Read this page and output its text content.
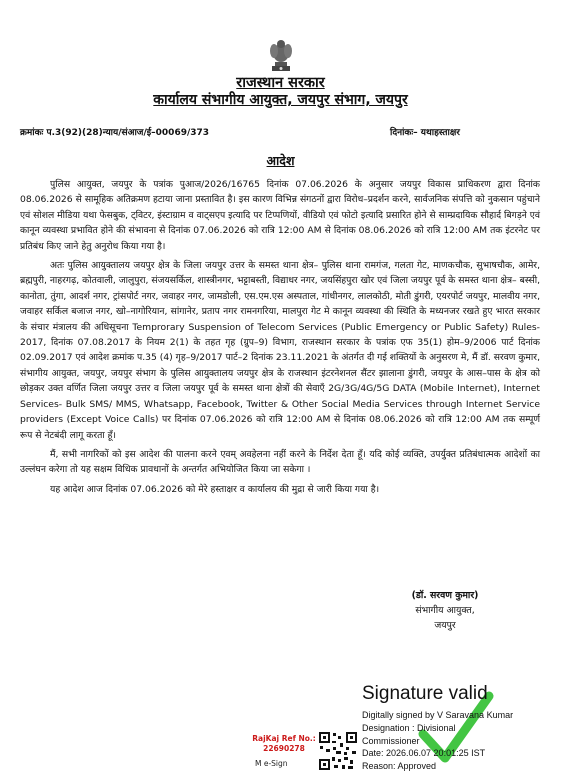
राजस्थान सरकार
कार्यालय संभागीय आयुक्त, जयपुर संभाग, जयपुर
क्रमांकः प.3(92)(28)न्याय/संआज/ई–00069/373	दिनांकः– यथाहस्ताक्षर
आदेश

पुलिस आयुक्त, जयपुर के पत्रांक पुआज/2026/16765 दिनांक 07.06.2026 के अनुसार जयपुर विकास प्राधिकरण द्वारा दिनांक 08.06.2026 से सामूहिक अतिक्रमण हटाया जाना प्रस्तावित है। इस कारण विभिन्न संगठनों द्वारा विरोध–प्रदर्शन करने, सार्वजनिक संपत्ति को नुकसान पहुंचाने एवं सोशल मीडिया यथा फेसबुक, ट्विटर, इंस्टाग्राम व वाट्सएप इत्यादि पर टिप्पणियों, वीडियो एवं फोटो इत्यादि प्रसारित होने से साम्प्रदायिक सौहार्द बिगड़ने एवं कानून व्यवस्था प्रभावित होने की संभावना से दिनांक 07.06.2026 को रात्रि 12:00 AM से दिनांक 08.06.2026 को रात्रि 12:00 AM तक इंटरनेट पर प्रतिबंध किए जाने हेतु अनुरोध किया गया है।

अतः पुलिस आयुक्तालय जयपुर क्षेत्र के जिला जयपुर उत्तर के समस्त थाना क्षेत्र– पुलिस थाना रामगंज, गलता गेट, माणकचौक, सुभाषचौक, आमेर, ब्रह्मपुरी, नाहरगढ़, कोतवाली, जालुपुरा, संजयसर्किल, शास्त्रीनगर, भट्टाबस्ती, विद्याधर नगर, जयसिंहपुरा खोर एवं जिला जयपुर पूर्व के समस्त थाना क्षेत्र– बस्सी, कानोता, तुंगा, आदर्श नगर, ट्रांसपोर्ट नगर, जवाहर नगर, जामडोली, एस.एम.एस अस्पताल, गांधीनगर, लालकोठी, मोती डुंगरी, एयरपोर्ट जयपुर, मालवीय नगर, जवाहर सर्किल बजाज नगर, खो–नागोरियान, सांगानेर, प्रताप नगर रामनगरिया, मालपुरा गेट मे कानून व्यवस्था की स्थिति के मध्यनजर रखते हुए भारत सरकार के संचार मंत्रालय की अधिसूचना Temprorary Suspension of Telecom Services (Public Emergency or Public Safety) Rules-2017, दिनांक 07.08.2017 के नियम 2(1) के तहत गृह (ग्रुप–9) विभाग, राजस्थान सरकार के पत्रांक एफ 35(1) होम–9/2006 पार्ट दिनांक 02.09.2017 एवं आदेश क्रमांक प.35 (4) गृह–9/2017 पार्ट–2 दिनांक 23.11.2021 के अंतर्गत दी गई शक्तियों के अनुसरण मे, मैं डॉ. सरवण कुमार, संभागीय आयुक्त, जयपुर, जयपुर संभाग के पुलिस आयुक्तालय जयपुर क्षेत्र के राजस्थान इंटरनेशनल सैंटर झालाना डुंगरी, जयपुर के आस–पास के क्षेत्र को छोड़कर उक्त वर्णित जिला जयपुर उत्तर व जिला जयपुर पूर्व के समस्त थाना क्षेत्रों की सेवाएँ 2G/3G/4G/5G DATA (Mobile Internet), Internet Services- Bulk SMS/ MMS, Whatsapp, Facebook, Twitter & Other Social Media Services through Internet Service providers (Except Voice Calls) पर दिनांक 07.06.2026 को रात्रि 12:00 AM से दिनांक 08.06.2026 को रात्रि 12:00 AM तक सम्पूर्ण रूप से नेटबंदी लागू करता हूँ।

मैं, सभी नागरिकों को इस आदेश की पालना करने एवम् अवहेलना नहीं करने के निर्देश देता हूँ। यदि कोई व्यक्ति, उपर्युक्त प्रतिबंधात्मक आदेशों का उल्लंघन करेगा तो यह सक्षम विधिक प्रावधानों के अन्तर्गत अभियोजित किया जा सकेगा ।

यह आदेश आज दिनांक 07.06.2026 को मेरे हस्ताक्षर व कार्यालय की मुद्रा से जारी किया गया है।

(डॉ. सरवण कुमार)
संभागीय आयुक्त,
जयपुर
Signature valid
Digitally signed by V Saravana Kumar
Designation : Divisional
Commissioner
Date: 2026.06.07 20:01:25 IST
Reason: Approved
RajKaj Ref No.:
22690278
M e-Sign
